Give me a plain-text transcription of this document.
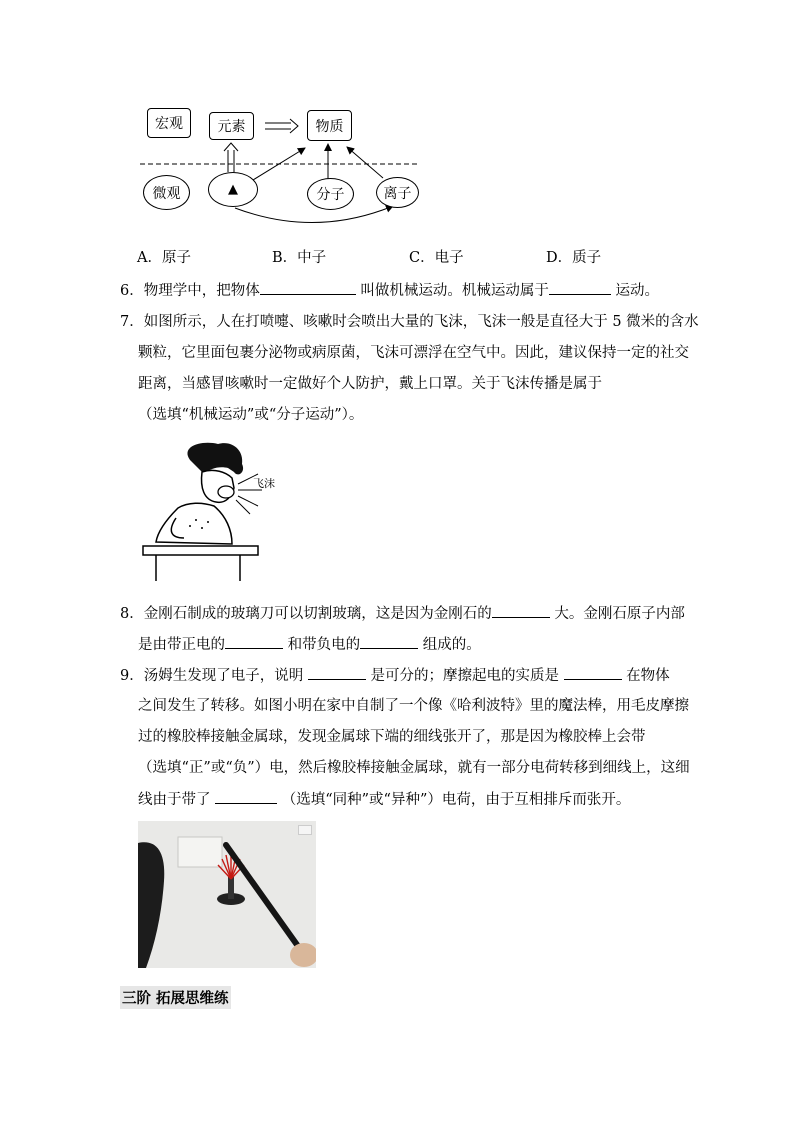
宏观	元素	物质
微观	▲	分子	离子
A．原子	B．中子	C．电子	D．质子
6．物理学中，把物体	叫做机械运动。机械运动属于	运动。
7．如图所示，人在打喷嚏、咳嗽时会喷出大量的飞沫，飞沫一般是直径大于 5 微米的含水
颗粒，它里面包裹分泌物或病原菌，飞沫可漂浮在空气中。因此，建议保持一定的社交
距离，当感冒咳嗽时一定做好个人防护，戴上口罩。关于飞沫传播是属于
（选填“机械运动”或“分子运动”）。
飞沫
8．金刚石制成的玻璃刀可以切割玻璃，这是因为金刚石的	大。金刚石原子内部
是由带正电的	和带负电的	组成的。
9．汤姆生发现了电子，说明	是可分的；摩擦起电的实质是	在物体
之间发生了转移。如图小明在家中自制了一个像《哈利波特》里的魔法棒，用毛皮摩擦
过的橡胶棒接触金属球，发现金属球下端的细线张开了，那是因为橡胶棒上会带
（选填“正”或“负”）电，然后橡胶棒接触金属球，就有一部分电荷转移到细线上，这细
线由于带了	（选填“同种”或“异种”）电荷，由于互相排斥而张开。
三阶 拓展思维练
